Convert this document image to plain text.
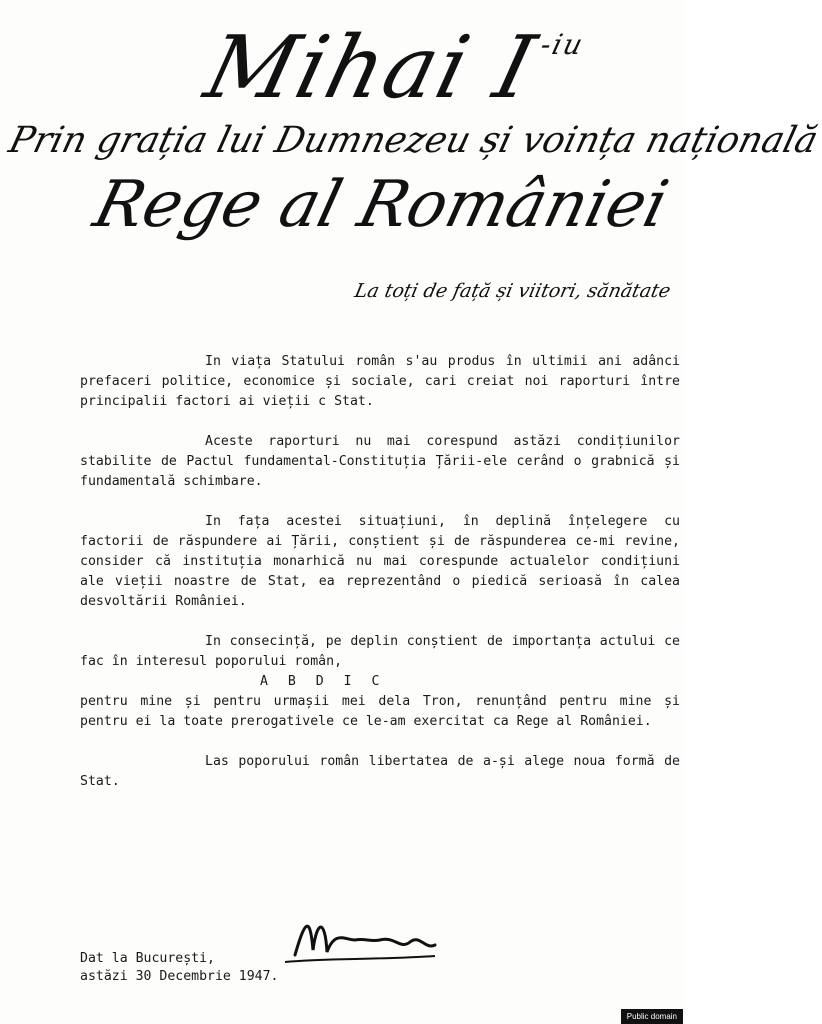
Mihai $I^{-iu}$
Prin grația lui Dumnezeu și voința națională
Rege al României
La toți de față și viitori, sănătate

In viața Statului român s'au produs în ultimii ani adânci prefaceri politice, economice și sociale, cari creiat noi raporturi între principalii factori ai vieții c Stat.

Aceste raporturi nu mai corespund astăzi condițiunilor stabilite de Pactul fundamental-Constituția Țării-ele cerând o grabnică și fundamentală schimbare.

In fața acestei situațiuni, în deplină înțelegere cu factorii de răspundere ai Țării, conștient și de răspunderea ce-mi revine, consider că instituția monarhică nu mai corespunde actualelor condițiuni ale vieții noastre de Stat, ea reprezentând o piedică serioasă în calea desvoltării României.

In consecință, pe deplin conștient de importanța actului ce fac în interesul poporului român,

A B D I C

pentru mine și pentru urmașii mei dela Tron, renunțând pentru mine și pentru ei la toate prerogativele ce le-am exercitat ca Rege al României.

Las poporului român libertatea de a-și alege noua formă de Stat.

Dat la București,
astăzi 30 Decembrie 1947.
Public domain
